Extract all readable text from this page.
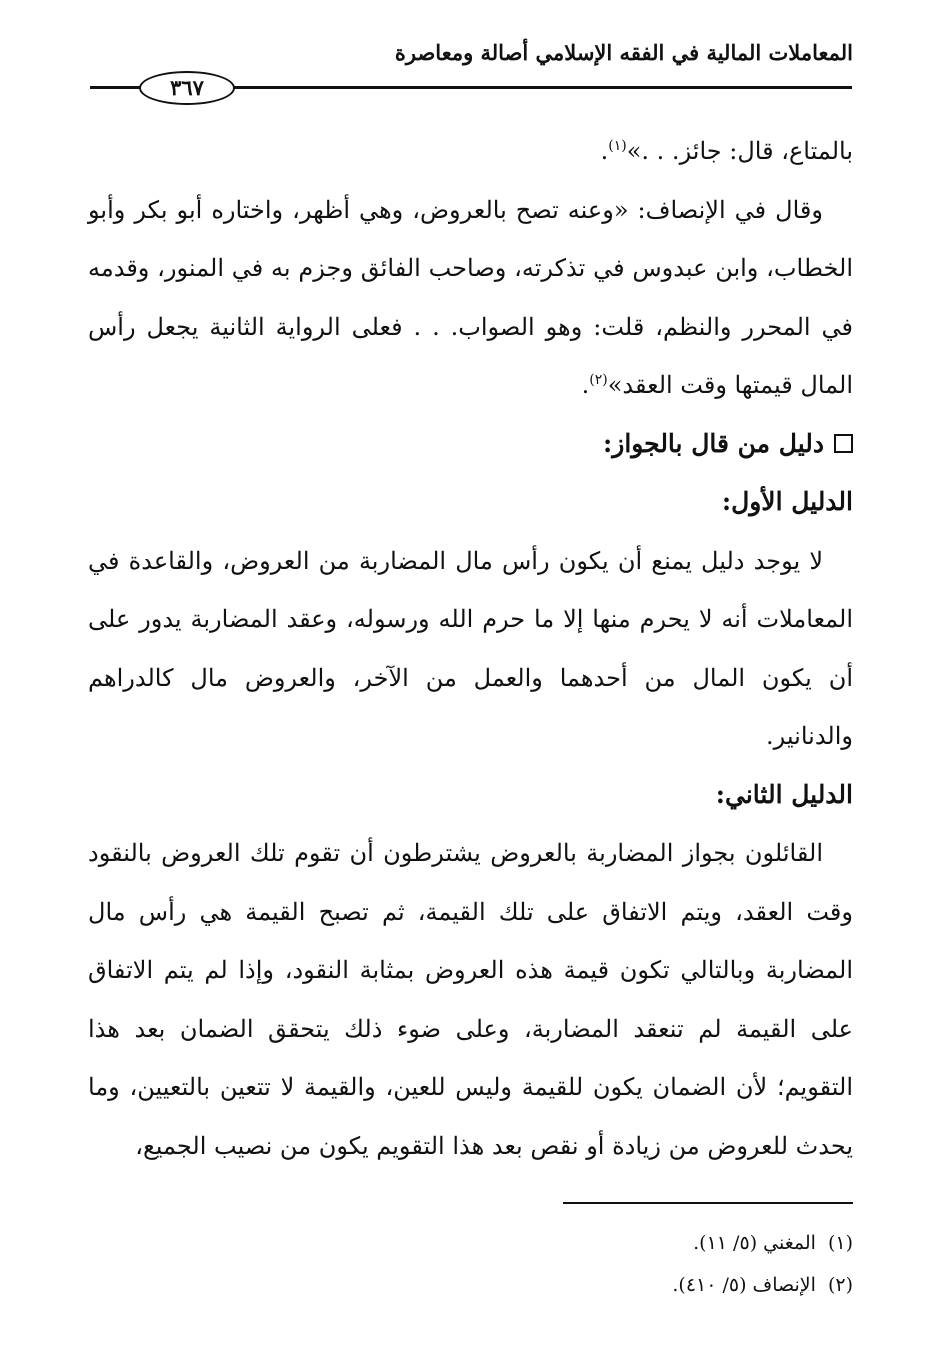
المعاملات المالية في الفقه الإسلامي أصالة ومعاصرة
٣٦٧

بالمتاع، قال: جائز. . .»$^{(١)}$.

وقال في الإنصاف: «وعنه تصح بالعروض، وهي أظهر، واختاره أبو بكر وأبو الخطاب، وابن عبدوس في تذكرته، وصاحب الفائق وجزم به في المنور، وقدمه في المحرر والنظم، قلت: وهو الصواب. . . فعلى الرواية الثانية يجعل رأس المال قيمتها وقت العقد»$^{(٢)}$.

دليل من قال بالجواز:

الدليل الأول:

لا يوجد دليل يمنع أن يكون رأس مال المضاربة من العروض، والقاعدة في المعاملات أنه لا يحرم منها إلا ما حرم الله ورسوله، وعقد المضاربة يدور على أن يكون المال من أحدهما والعمل من الآخر، والعروض مال كالدراهم والدنانير.

الدليل الثاني:

القائلون بجواز المضاربة بالعروض يشترطون أن تقوم تلك العروض بالنقود وقت العقد، ويتم الاتفاق على تلك القيمة، ثم تصبح القيمة هي رأس مال المضاربة وبالتالي تكون قيمة هذه العروض بمثابة النقود، وإذا لم يتم الاتفاق على القيمة لم تنعقد المضاربة، وعلى ضوء ذلك يتحقق الضمان بعد هذا التقويم؛ لأن الضمان يكون للقيمة وليس للعين، والقيمة لا تتعين بالتعيين، وما يحدث للعروض من زيادة أو نقص بعد هذا التقويم يكون من نصيب الجميع،

(١)المغني (٥/ ١١).

(٢)الإنصاف (٥/ ٤١٠).
